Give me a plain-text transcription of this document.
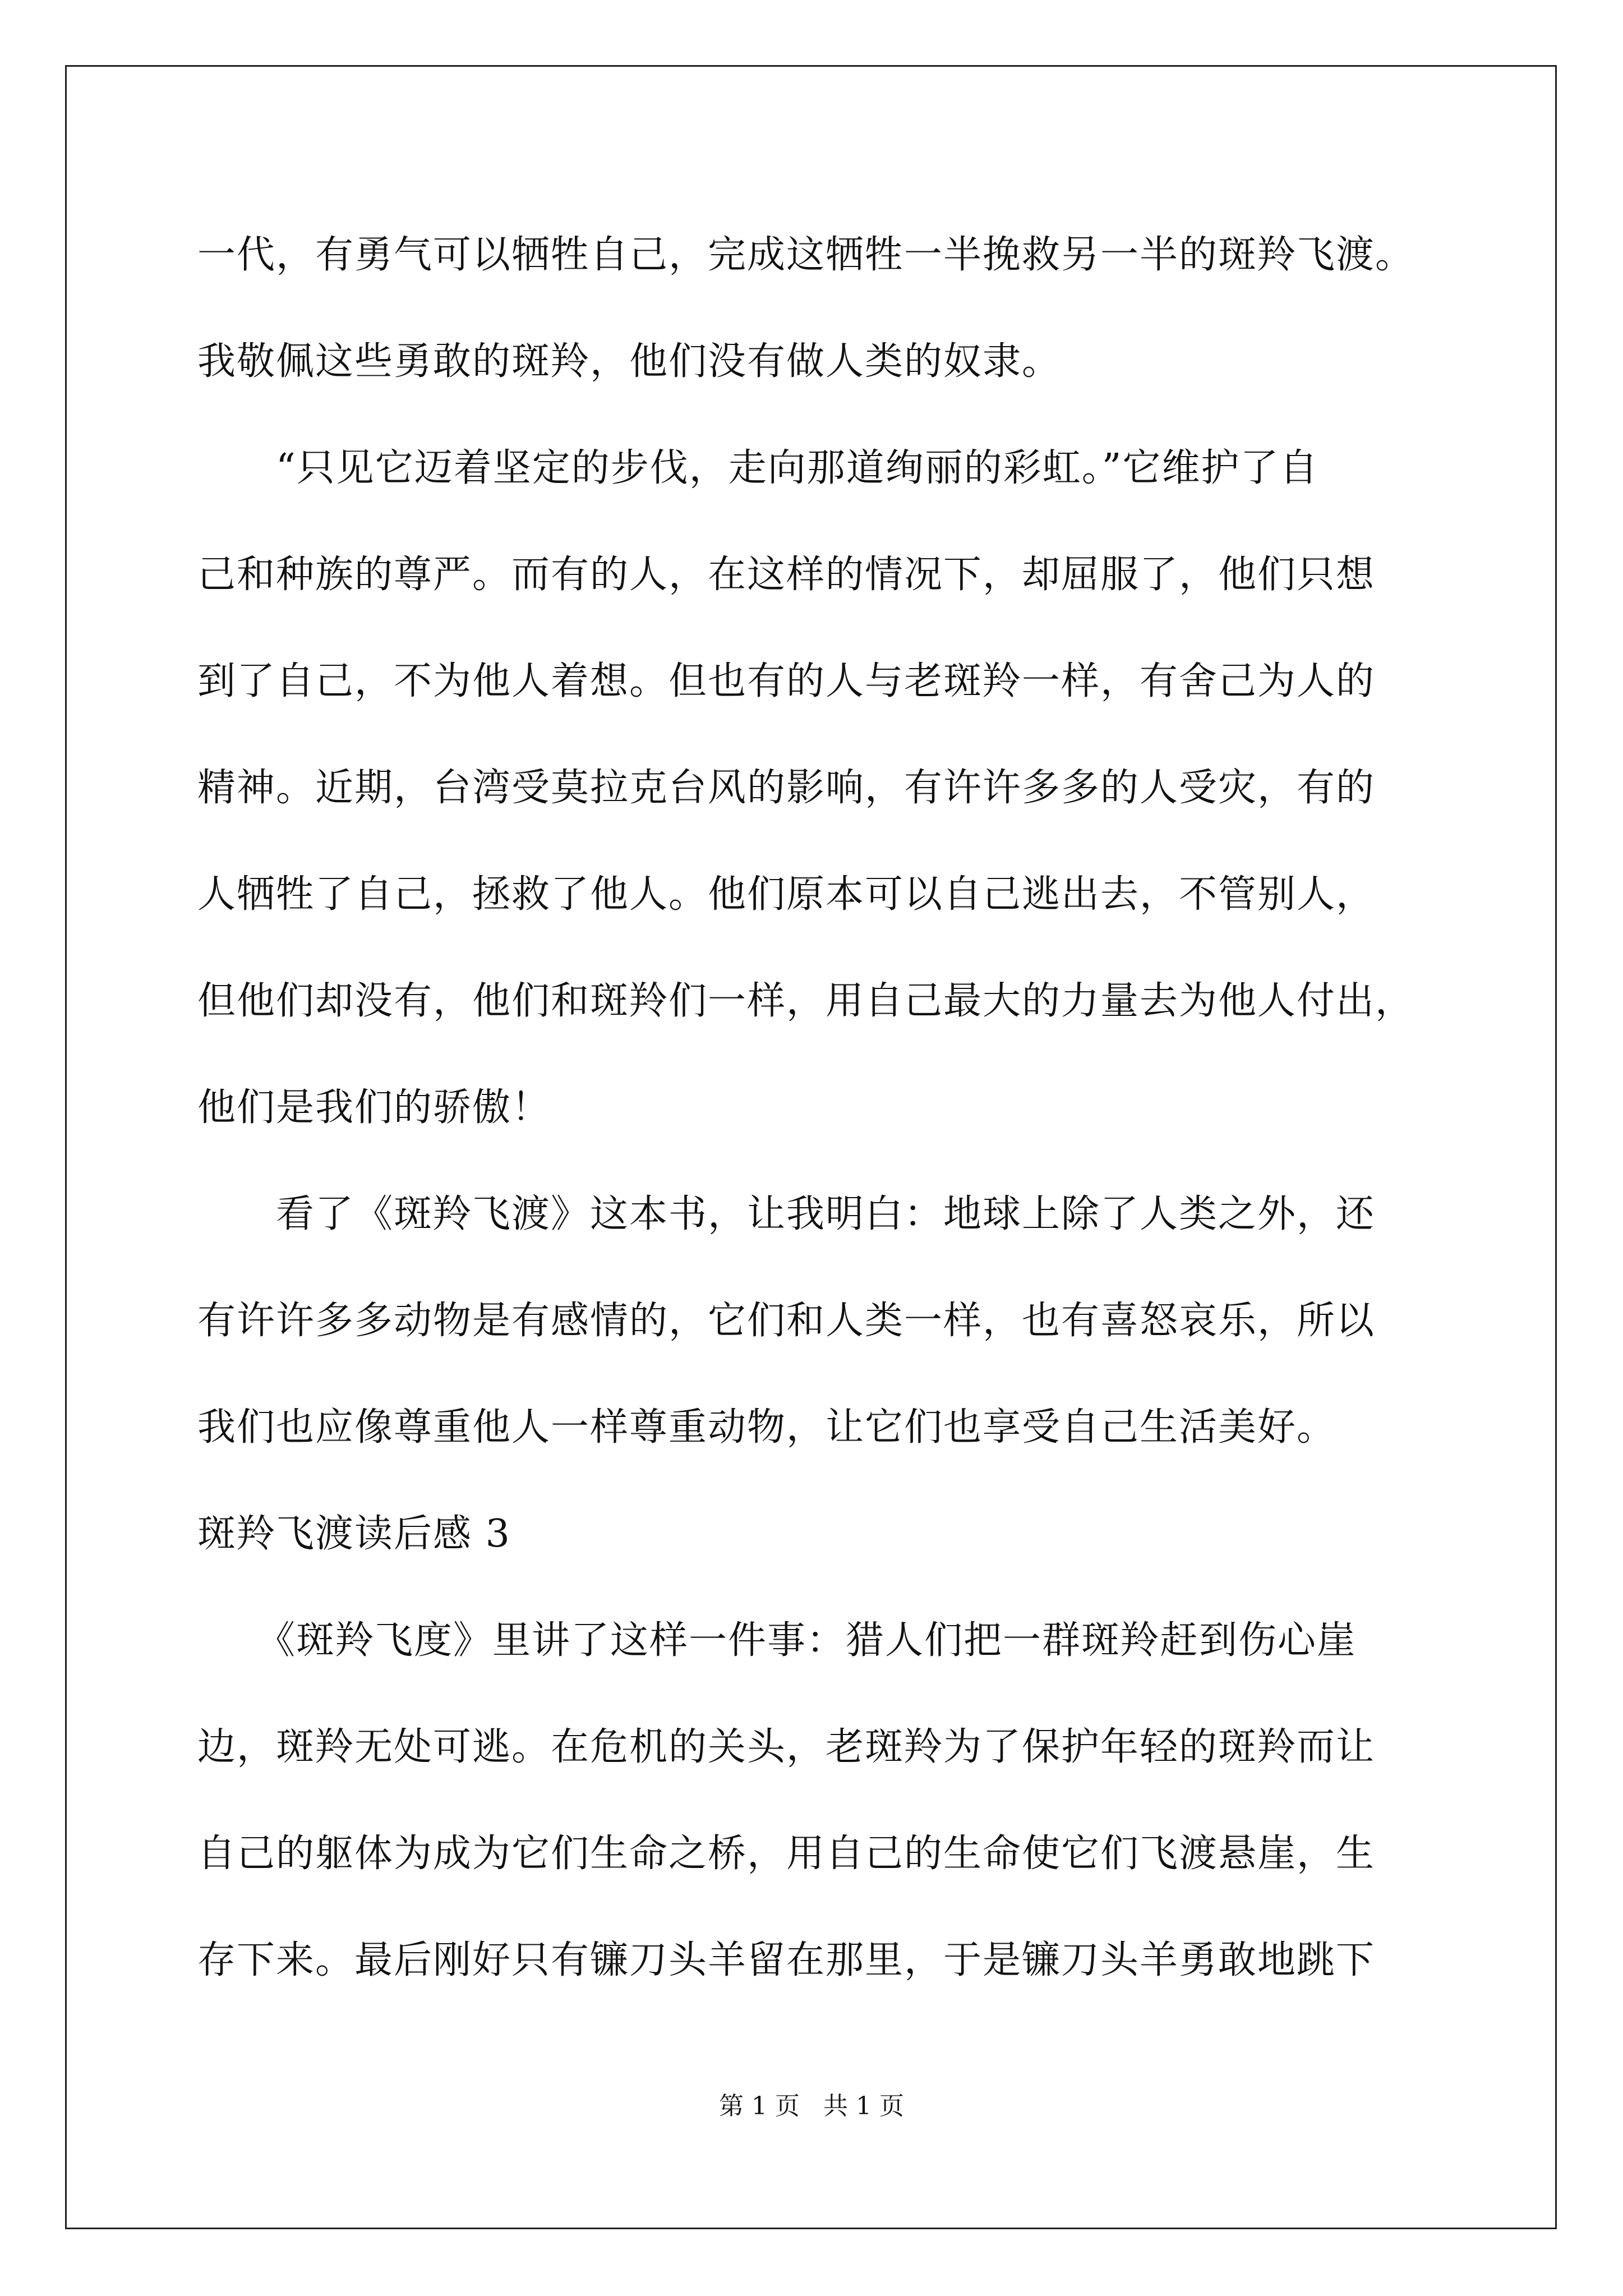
一代，有勇气可以牺牲自己，完成这牺牲一半挽救另一半的斑羚飞渡。
我敬佩这些勇敢的斑羚，他们没有做人类的奴隶。
　　“只见它迈着坚定的步伐，走向那道绚丽的彩虹。”它维护了自
己和种族的尊严。而有的人，在这样的情况下，却屈服了，他们只想
到了自己，不为他人着想。但也有的人与老斑羚一样，有舍己为人的
精神。近期，台湾受莫拉克台风的影响，有许许多多的人受灾，有的
人牺牲了自己，拯救了他人。他们原本可以自己逃出去，不管别人，
但他们却没有，他们和斑羚们一样，用自己最大的力量去为他人付出，
他们是我们的骄傲！
　　看了《斑羚飞渡》这本书，让我明白：地球上除了人类之外，还
有许许多多动物是有感情的，它们和人类一样，也有喜怒哀乐，所以
我们也应像尊重他人一样尊重动物，让它们也享受自己生活美好。
斑羚飞渡读后感 3
　　《斑羚飞度》里讲了这样一件事：猎人们把一群斑羚赶到伤心崖
边，斑羚无处可逃。在危机的关头，老斑羚为了保护年轻的斑羚而让
自己的躯体为成为它们生命之桥，用自己的生命使它们飞渡悬崖，生
存下来。最后刚好只有镰刀头羊留在那里，于是镰刀头羊勇敢地跳下
第 1 页   共 1 页
